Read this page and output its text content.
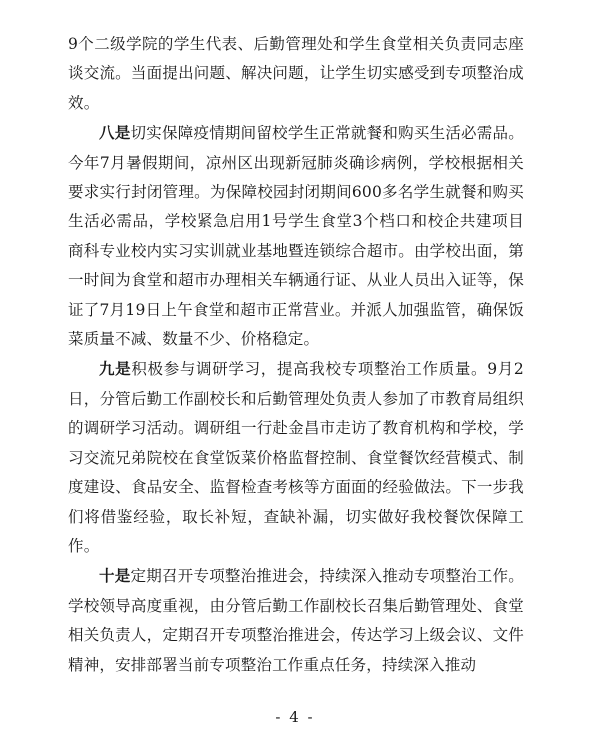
9个二级学院的学生代表、后勤管理处和学生食堂相关负责同志座谈交流。当面提出问题、解决问题，让学生切实感受到专项整治成效。

八是切实保障疫情期间留校学生正常就餐和购买生活必需品。今年7月暑假期间，凉州区出现新冠肺炎确诊病例，学校根据相关要求实行封闭管理。为保障校园封闭期间600多名学生就餐和购买生活必需品，学校紧急启用1号学生食堂3个档口和校企共建项目商科专业校内实习实训就业基地暨连锁综合超市。由学校出面，第一时间为食堂和超市办理相关车辆通行证、从业人员出入证等，保证了7月19日上午食堂和超市正常营业。并派人加强监管，确保饭菜质量不减、数量不少、价格稳定。

九是积极参与调研学习，提高我校专项整治工作质量。9月2日，分管后勤工作副校长和后勤管理处负责人参加了市教育局组织的调研学习活动。调研组一行赴金昌市走访了教育机构和学校，学习交流兄弟院校在食堂饭菜价格监督控制、食堂餐饮经营模式、制度建设、食品安全、监督检查考核等方面面的经验做法。下一步我们将借鉴经验，取长补短，查缺补漏，切实做好我校餐饮保障工作。

十是定期召开专项整治推进会，持续深入推动专项整治工作。学校领导高度重视，由分管后勤工作副校长召集后勤管理处、食堂相关负责人，定期召开专项整治推进会，传达学习上级会议、文件精神，安排部署当前专项整治工作重点任务，持续深入推动

- 4 -
